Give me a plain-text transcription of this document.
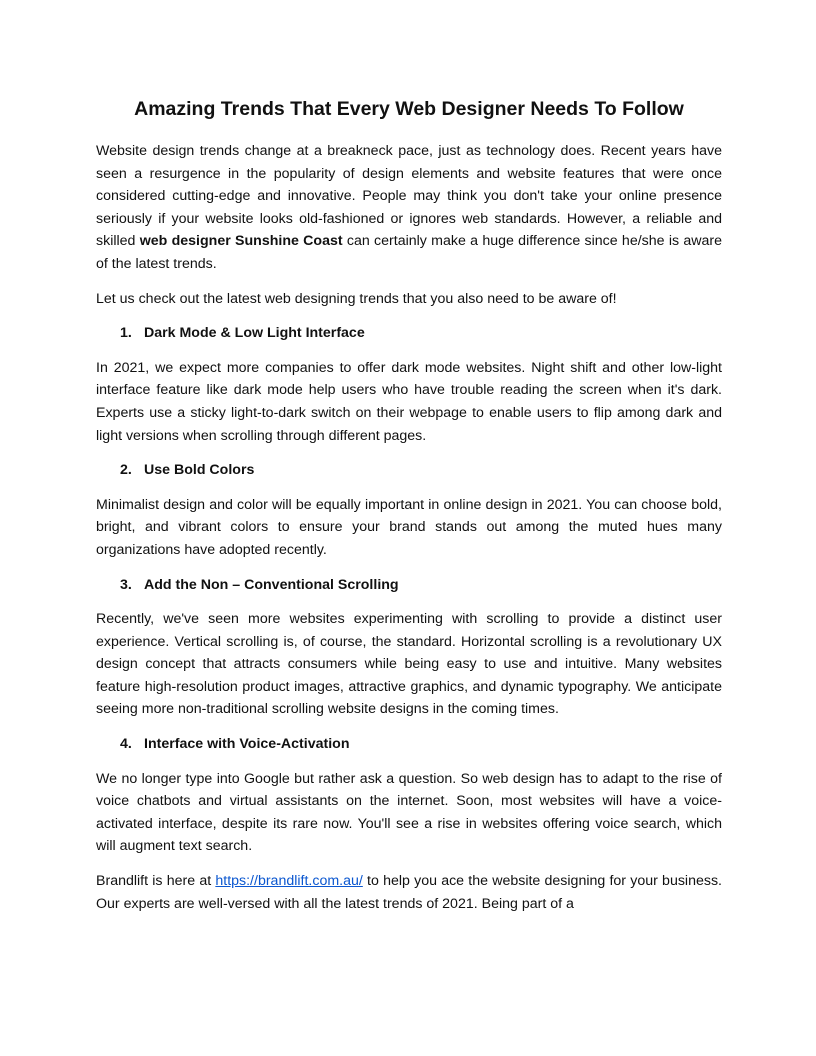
Amazing Trends That Every Web Designer Needs To Follow

Website design trends change at a breakneck pace, just as technology does. Recent years have seen a resurgence in the popularity of design elements and website features that were once considered cutting-edge and innovative. People may think you don't take your online presence seriously if your website looks old-fashioned or ignores web standards. However, a reliable and skilled web designer Sunshine Coast can certainly make a huge difference since he/she is aware of the latest trends.

Let us check out the latest web designing trends that you also need to be aware of!

1. Dark Mode & Low Light Interface

In 2021, we expect more companies to offer dark mode websites. Night shift and other low-light interface feature like dark mode help users who have trouble reading the screen when it's dark. Experts use a sticky light-to-dark switch on their webpage to enable users to flip among dark and light versions when scrolling through different pages.

2. Use Bold Colors

Minimalist design and color will be equally important in online design in 2021. You can choose bold, bright, and vibrant colors to ensure your brand stands out among the muted hues many organizations have adopted recently.

3. Add the Non – Conventional Scrolling

Recently, we've seen more websites experimenting with scrolling to provide a distinct user experience. Vertical scrolling is, of course, the standard. Horizontal scrolling is a revolutionary UX design concept that attracts consumers while being easy to use and intuitive. Many websites feature high-resolution product images, attractive graphics, and dynamic typography. We anticipate seeing more non-traditional scrolling website designs in the coming times.

4. Interface with Voice-Activation

We no longer type into Google but rather ask a question. So web design has to adapt to the rise of voice chatbots and virtual assistants on the internet. Soon, most websites will have a voice-activated interface, despite its rare now. You'll see a rise in websites offering voice search, which will augment text search.

Brandlift is here at https://brandlift.com.au/ to help you ace the website designing for your business. Our experts are well-versed with all the latest trends of 2021. Being part of a
